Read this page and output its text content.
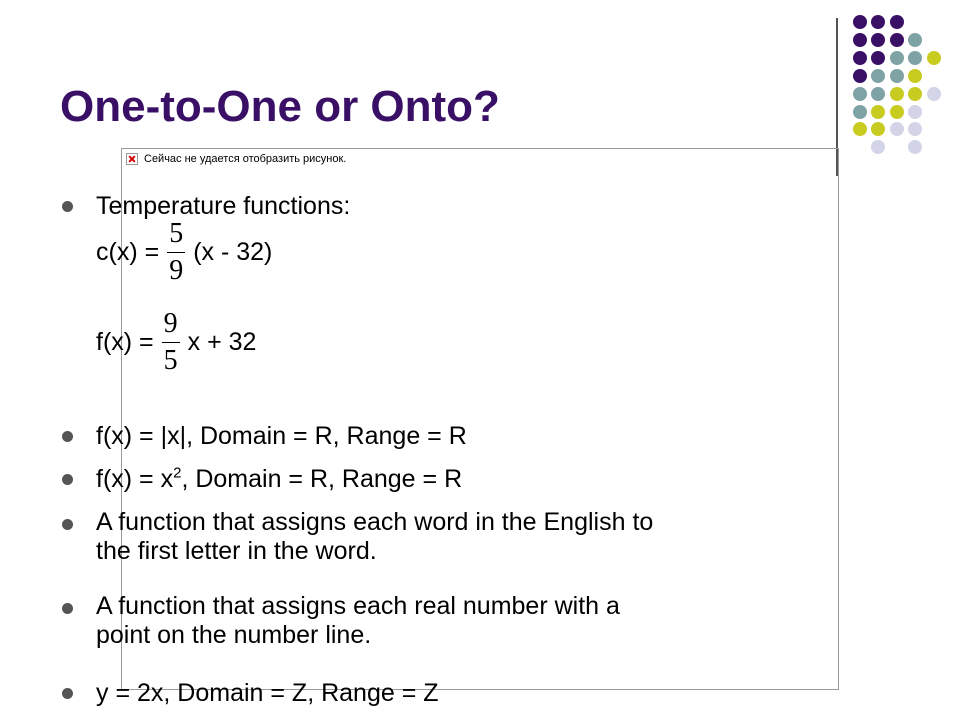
One-to-One or Onto?
Сейчас не удается отобразить рисунок.
Temperature functions:
$c(x) = \frac{5}{9} (x - 32)$
$f(x) = \frac{9}{5}$ x + 32
f(x) = |x|, Domain = R, Range = R
$f(x) = x^2$, Domain = R, Range = R
A function that assigns each word in the English to
the first letter in the word.
A function that assigns each real number with a
point on the number line.
y = 2x, Domain = Z, Range = Z
